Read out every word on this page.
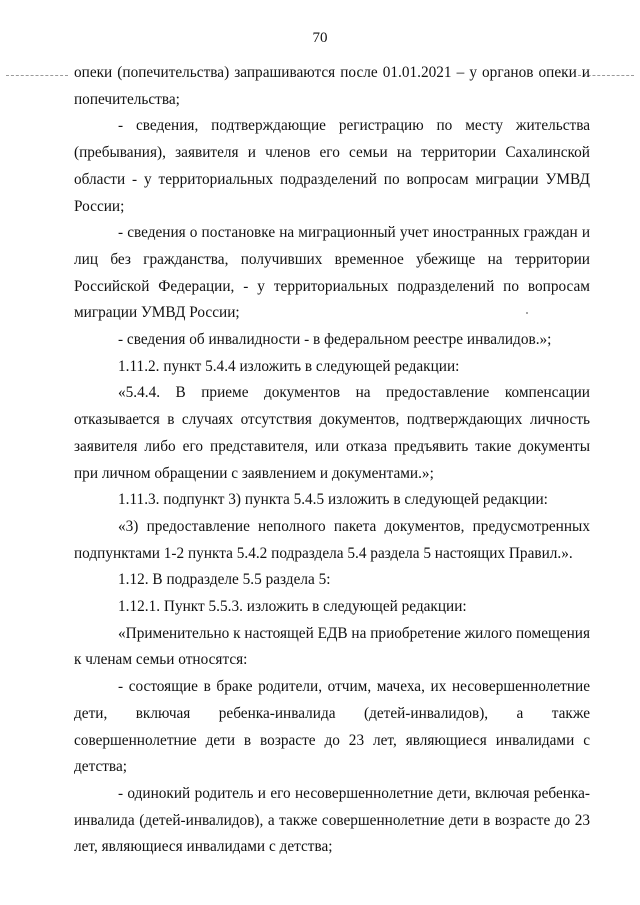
70

опеки (попечительства) запрашиваются после 01.01.2021 – у органов опеки и попечительства;

- сведения, подтверждающие регистрацию по месту жительства (пребывания), заявителя и членов его семьи на территории Сахалинской области - у территориальных подразделений по вопросам миграции УМВД России;

- сведения о постановке на миграционный учет иностранных граждан и лиц без гражданства, получивших временное убежище на территории Российской Федерации, - у территориальных подразделений по вопросам миграции УМВД России;

- сведения об инвалидности - в федеральном реестре инвалидов.»;

1.11.2. пункт 5.4.4 изложить в следующей редакции:

«5.4.4. В приеме документов на предоставление компенсации отказывается в случаях отсутствия документов, подтверждающих личность заявителя либо его представителя, или отказа предъявить такие документы при личном обращении с заявлением и документами.»;

1.11.3. подпункт 3) пункта 5.4.5 изложить в следующей редакции:

«3) предоставление неполного пакета документов, предусмотренных подпунктами 1-2 пункта 5.4.2 подраздела 5.4 раздела 5 настоящих Правил.».

1.12. В подразделе 5.5 раздела 5:

1.12.1. Пункт 5.5.3. изложить в следующей редакции:

«Применительно к настоящей ЕДВ на приобретение жилого помещения к членам семьи относятся:

- состоящие в браке родители, отчим, мачеха, их несовершеннолетние дети, включая ребенка-инвалида (детей-инвалидов), а также совершеннолетние дети в возрасте до 23 лет, являющиеся инвалидами с детства;

- одинокий родитель и его несовершеннолетние дети, включая ребенка-инвалида (детей-инвалидов), а также совершеннолетние дети в возрасте до 23 лет, являющиеся инвалидами с детства;
